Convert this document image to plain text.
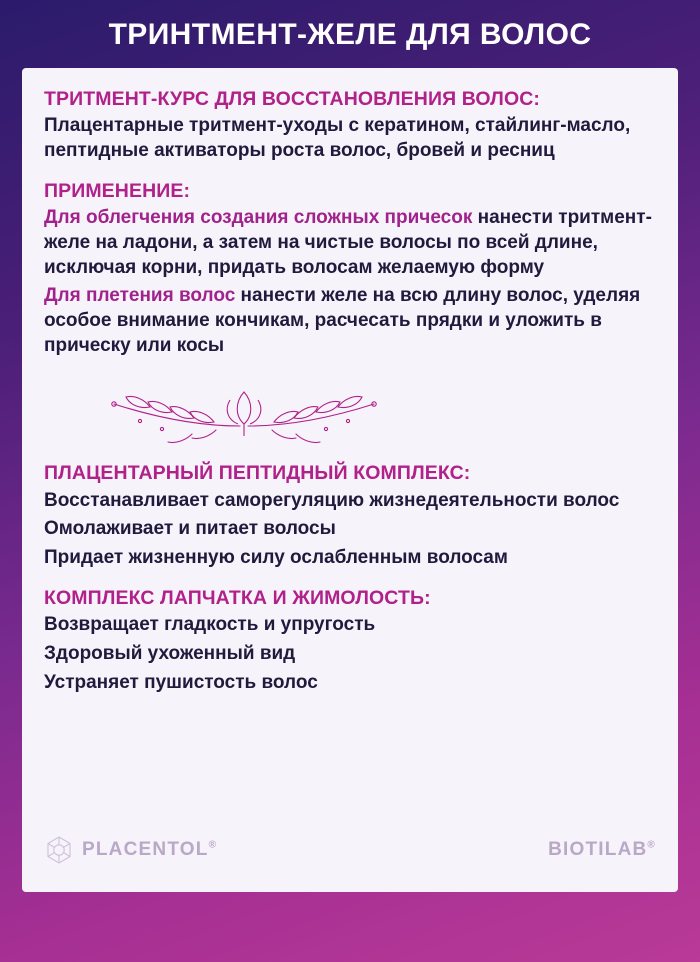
ТРИНТМЕНТ-ЖЕЛЕ ДЛЯ ВОЛОС
ТРИТМЕНТ-КУРС ДЛЯ ВОССТАНОВЛЕНИЯ ВОЛОС:

Плацентарные тритмент-уходы с кератином, стайлинг-масло, пептидные активаторы роста волос, бровей и ресниц

ПРИМЕНЕНИЕ:

Для облегчения создания сложных причесок нанести тритмент-желе на ладони, а затем на чистые волосы по всей длине, исключая корни, придать волосам желаемую форму

Для плетения волос нанести желе на всю длину волос, уделяя особое внимание кончикам, расчесать прядки и уложить в прическу или косы

ПЛАЦЕНТАРНЫЙ ПЕПТИДНЫЙ КОМПЛЕКС:

Восстанавливает саморегуляцию жизнедеятельности волос

Омолаживает и питает волосы

Придает жизненную силу ослабленным волосам

КОМПЛЕКС ЛАПЧАТКА И ЖИМОЛОСТЬ:

Возвращает гладкость и упругость

Здоровый ухоженный вид

Устраняет пушистость волос

PLACENTOL®	BIOTILAB®
